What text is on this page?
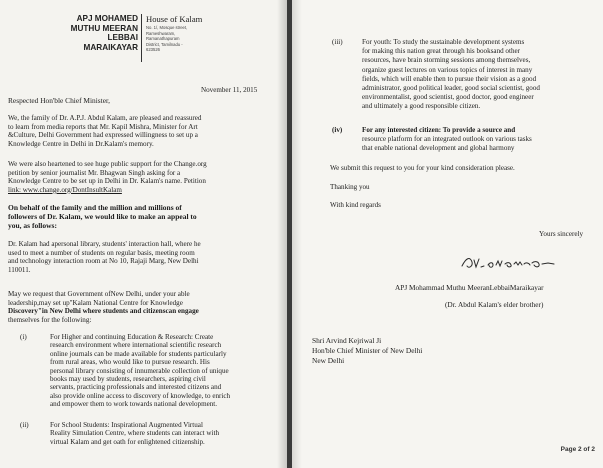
APJ MOHAMED
MUTHU MEERAN
LEBBAI
MARAIKAYAR
House of Kalam
No. 1/, Mosque street, Rameshwaram, Ramanathapuram District, Tamilnadu - 623526

November 11, 2015

Respected Hon'ble Chief Minister,

We, the family of Dr. A.P.J. Abdul Kalam, are pleased and reassured

to learn from media reports that Mr. Kapil Mishra, Minister for Art

&Culture, Delhi Government had expressed willingness to set up a

Knowledge Centre in Delhi in Dr.Kalam's memory.

We were also heartened to see huge public support for the Change.org

petition by senior journalist Mr. Bhagwan Singh asking for a

Knowledge Centre to be set up in Delhi in Dr. Kalam's name. Petition

link: www.change.org/DontInsultKalam

On behalf of the family and the million and millions of

followers of Dr. Kalam, we would like to make an appeal to

you, as follows:

Dr. Kalam had apersonal library, students' interaction hall, where he

used to meet a number of students on regular basis, meeting room

and technology interaction room at No 10, Rajaji Marg, New Delhi

110011.

May we request that Government ofNew Delhi, under your able

leadership,may set up"Kalam National Centre for Knowledge

Discovery"in New Delhi where students and citizenscan engage

themselves for the following:

(i)	For Higher and continuing Education & Research: Create

research environment where international scientific research

online journals can be made available for students particularly

from rural areas, who would like to pursue research. His

personal library consisting of innumerable collection of unique

books may used by students, researchers, aspiring civil

servants, practicing professionals and interested citizens and

also provide online access to discovery of knowledge, to enrich

and empower them to work towards national development.

(ii)	For School Students: Inspirational Augmented Virtual

Reality Simulation Centre, where students can interact with

virtual Kalam and get oath for enlightened citizenship.

(iii)	For youth: To study the sustainable development systems

for making this nation great through his booksand other

resources, have brain storming sessions among themselves,

organize guest lectures on various topics of interest in many

fields, which will enable then to pursue their vision as a good

administrator, good political leader, good social scientist, good

environmentalist, good scientist, good doctor, good engineer

and ultimately a good responsible citizen.

(iv)	For any interested citizen: To provide a source and

resource platform for an integrated outlook on various tasks

that enable national development and global harmony

We submit this request to you for your kind consideration please.

Thanking you

With kind regards

Yours sincerely

APJ Mohammad Muthu MeeranLebbaiMaraikayar

(Dr. Abdul Kalam's elder brother)

Shri Arvind Kejriwal Ji

Hon'ble Chief Minister of New Delhi

New Delhi

Page 2 of 2
